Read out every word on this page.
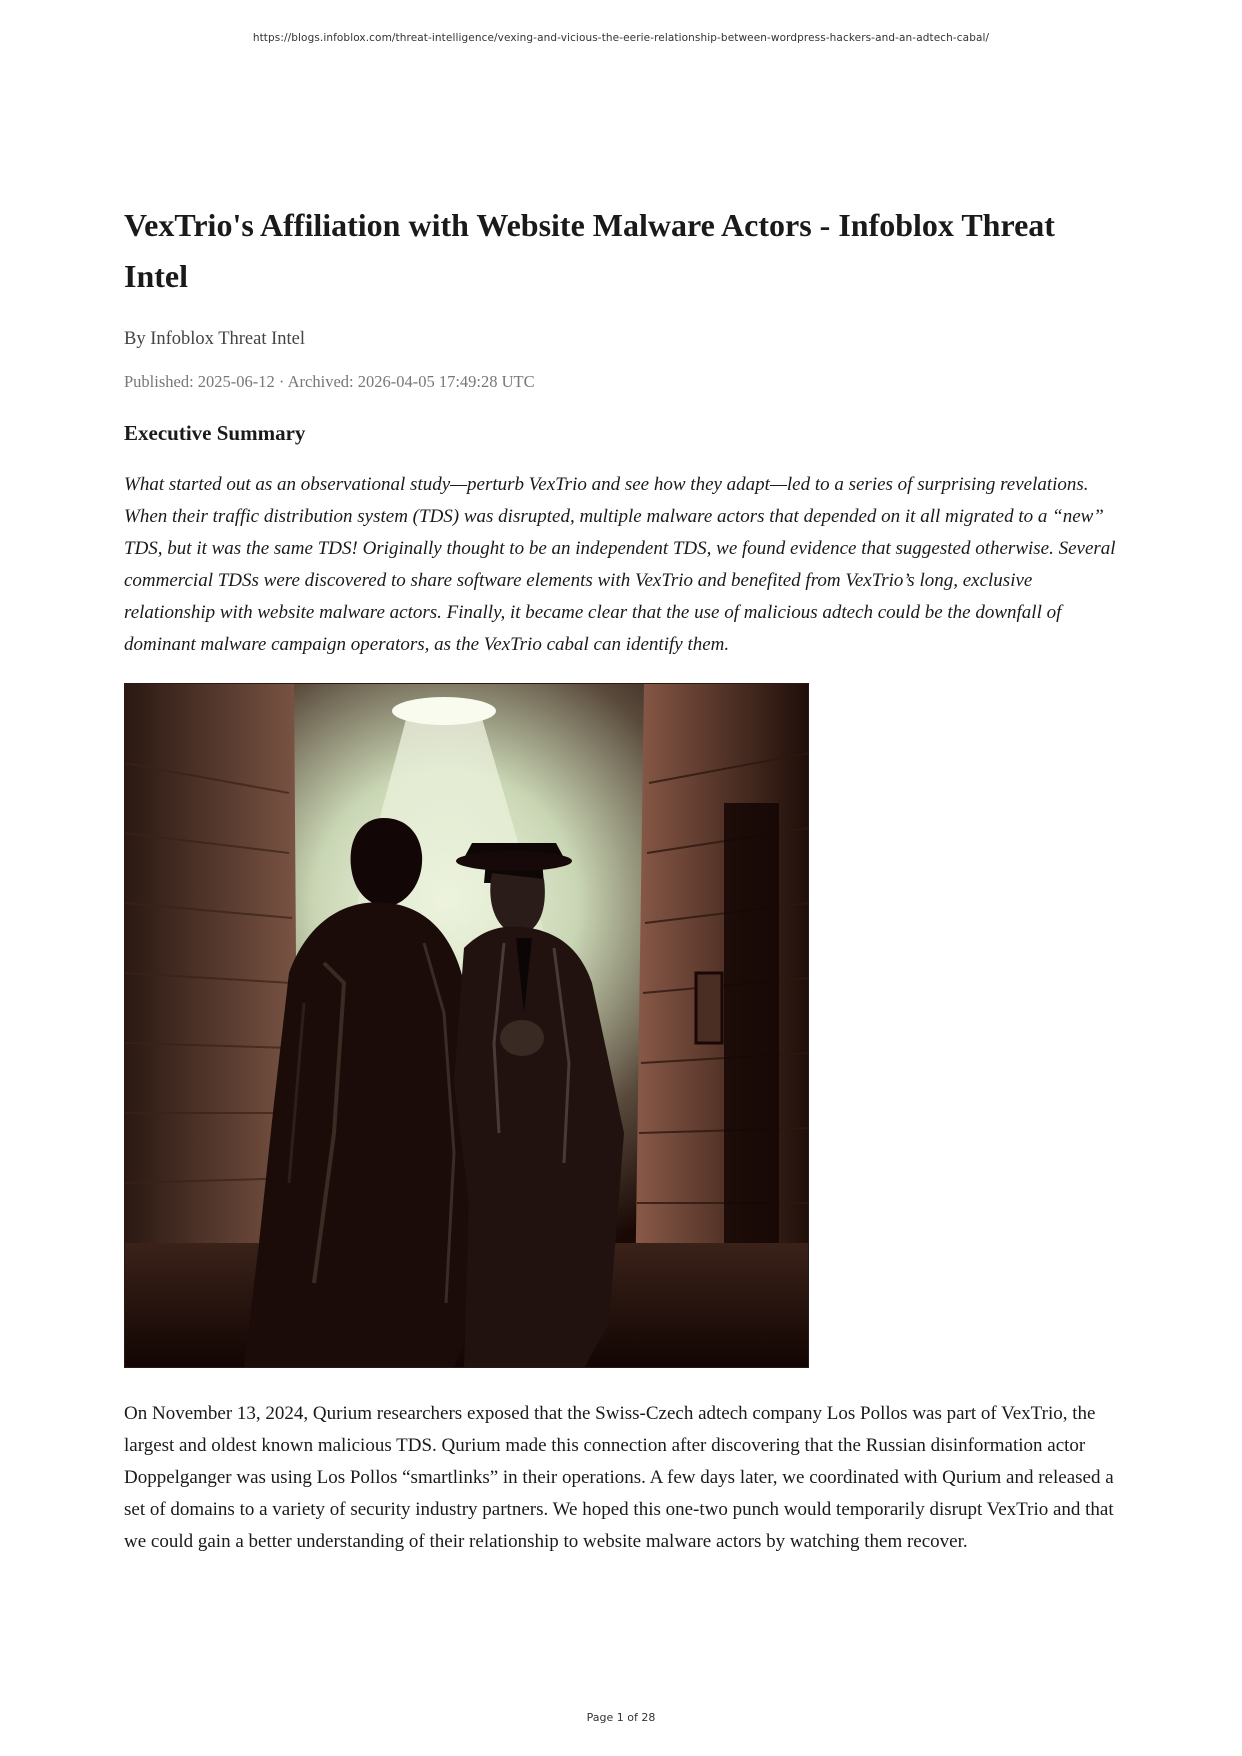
https://blogs.infoblox.com/threat-intelligence/vexing-and-vicious-the-eerie-relationship-between-wordpress-hackers-and-an-adtech-cabal/
VexTrio's Affiliation with Website Malware Actors - Infoblox Threat Intel
By Infoblox Threat Intel
Published: 2025-06-12 · Archived: 2026-04-05 17:49:28 UTC
Executive Summary
What started out as an observational study—perturb VexTrio and see how they adapt—led to a series of surprising revelations. When their traffic distribution system (TDS) was disrupted, multiple malware actors that depended on it all migrated to a “new” TDS, but it was the same TDS! Originally thought to be an independent TDS, we found evidence that suggested otherwise. Several commercial TDSs were discovered to share software elements with VexTrio and benefited from VexTrio’s long, exclusive relationship with website malware actors. Finally, it became clear that the use of malicious adtech could be the downfall of dominant malware campaign operators, as the VexTrio cabal can identify them.
On November 13, 2024, Qurium researchers exposed that the Swiss-Czech adtech company Los Pollos was part of VexTrio, the largest and oldest known malicious TDS. Qurium made this connection after discovering that the Russian disinformation actor Doppelganger was using Los Pollos “smartlinks” in their operations. A few days later, we coordinated with Qurium and released a set of domains to a variety of security industry partners. We hoped this one-two punch would temporarily disrupt VexTrio and that we could gain a better understanding of their relationship to website malware actors by watching them recover.
Page 1 of 28
